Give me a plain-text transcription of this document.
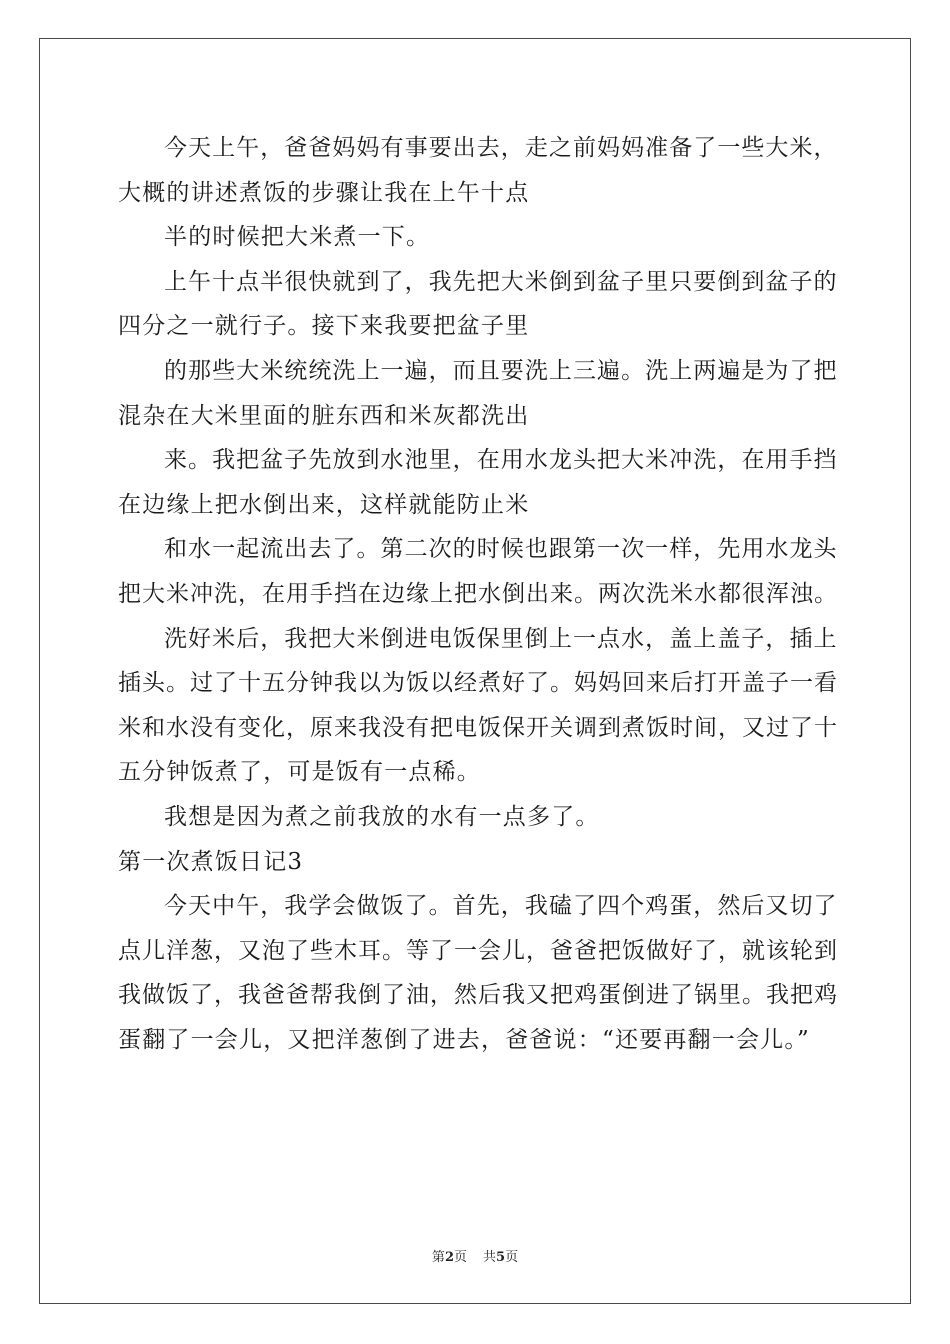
今天上午，爸爸妈妈有事要出去，走之前妈妈准备了一些大米，
大概的讲述煮饭的步骤让我在上午十点
半的时候把大米煮一下。
上午十点半很快就到了，我先把大米倒到盆子里只要倒到盆子的
四分之一就行子。接下来我要把盆子里
的那些大米统统洗上一遍，而且要洗上三遍。洗上两遍是为了把
混杂在大米里面的脏东西和米灰都洗出
来。我把盆子先放到水池里，在用水龙头把大米冲洗，在用手挡
在边缘上把水倒出来，这样就能防止米
和水一起流出去了。第二次的时候也跟第一次一样，先用水龙头
把大米冲洗，在用手挡在边缘上把水倒出来。两次洗米水都很浑浊。
洗好米后，我把大米倒进电饭保里倒上一点水，盖上盖子，插上
插头。过了十五分钟我以为饭以经煮好了。妈妈回来后打开盖子一看
米和水没有变化，原来我没有把电饭保开关调到煮饭时间，又过了十
五分钟饭煮了，可是饭有一点稀。
我想是因为煮之前我放的水有一点多了。
第一次煮饭日记3
今天中午，我学会做饭了。首先，我磕了四个鸡蛋，然后又切了
点儿洋葱，又泡了些木耳。等了一会儿，爸爸把饭做好了，就该轮到
我做饭了，我爸爸帮我倒了油，然后我又把鸡蛋倒进了锅里。我把鸡
蛋翻了一会儿，又把洋葱倒了进去，爸爸说：“还要再翻一会儿。”
第2页 共5页
